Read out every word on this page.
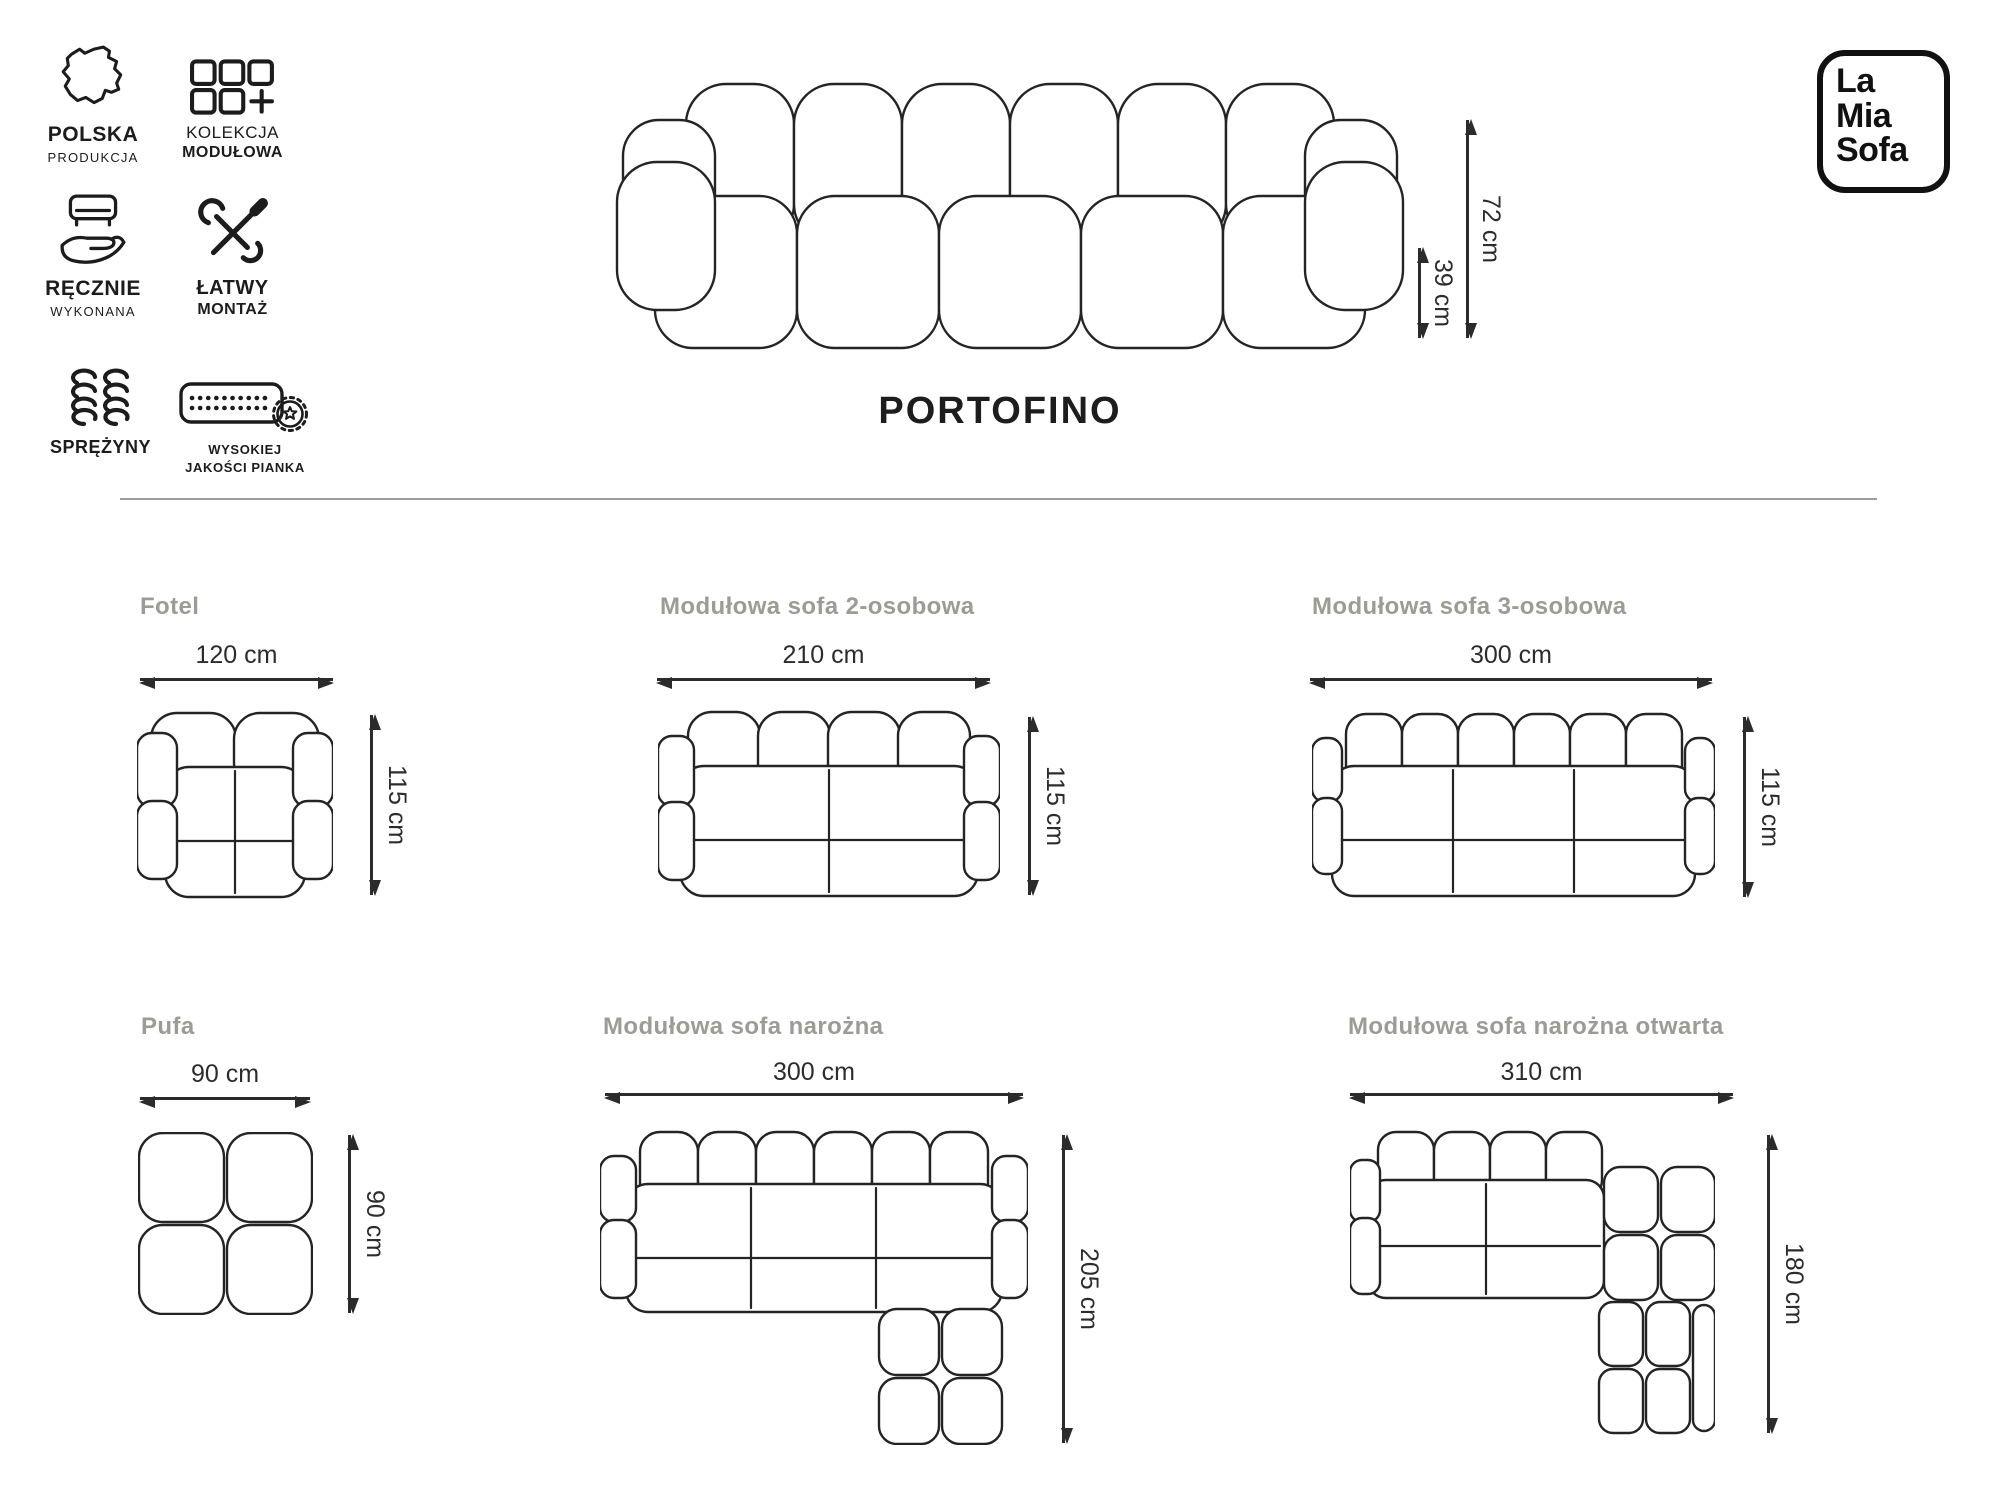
POLSKA
PRODUKCJA
KOLEKCJA
MODUŁOWA
RĘCZNIE
WYKONANA
ŁATWY
MONTAŻ
SPRĘŻYNY	WYSOKIEJ
JAKOŚCI PIANKA
La
Mia
Sofa
72 cm
39 cm
PORTOFINO
Fotel
120 cm
115 cm
Modułowa sofa 2-osobowa
210 cm
115 cm
Modułowa sofa 3-osobowa
300 cm
115 cm
Pufa
90 cm
90 cm
Modułowa sofa narożna
300 cm
205 cm
Modułowa sofa narożna otwarta
310 cm
180 cm
